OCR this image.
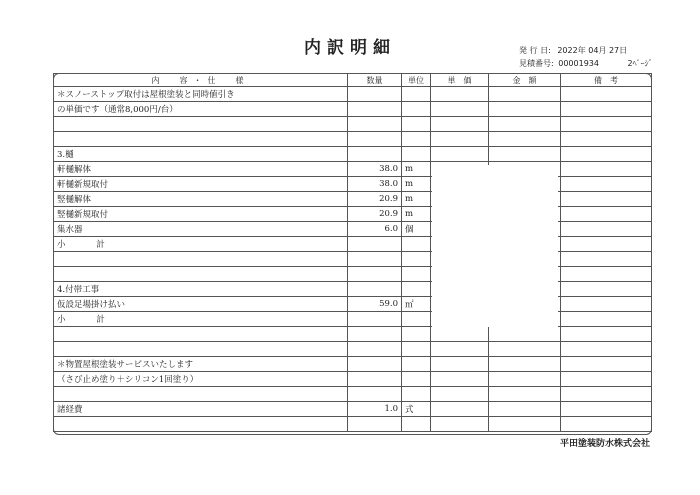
内訳明細	発 行 日: 2022年 04月 27日
見積番号: 00001934	2ﾍﾟｰｼﾞ
内　容・仕　様	数量	単位	単　価	金　額	備　考
＊スノーストップ取付は屋根塗装と同時値引き					
の単価です（通常8,000円/台）					

3.樋					
軒樋解体	38.0	m			
軒樋新規取付	38.0	m			
竪樋解体	20.9	m			
竪樋新規取付	20.9	m			
集水器	6.0	個			
小 計					

4.付帯工事					
仮設足場掛け払い	59.0	㎡			
小 計					

＊物置屋根塗装サービスいたします					
（さび止め塗り＋シリコン1回塗り）					

諸経費	1.0	式			

平田塗装防水株式会社
